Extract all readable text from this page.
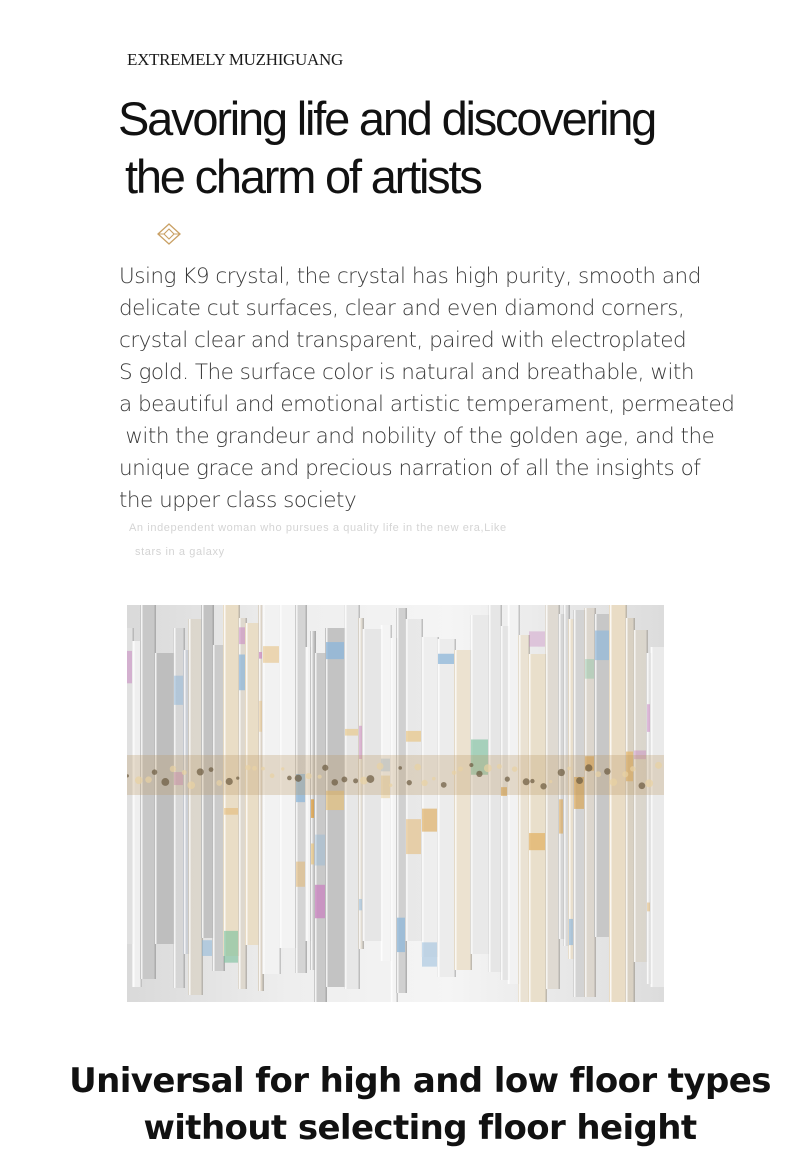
EXTREMELY MUZHIGUANG
Savoring life and discovering
the charm of artists
Using K9 crystal, the crystal has high purity, smooth and
delicate cut surfaces, clear and even diamond corners,
crystal clear and transparent, paired with electroplated
S gold. The surface color is natural and breathable, with
a beautiful and emotional artistic temperament, permeated
with the grandeur and nobility of the golden age, and the
unique grace and precious narration of all the insights of
the upper class society
An independent woman who pursues a quality life in the new era,Like
stars in a galaxy
Universal for high and low floor types
without selecting floor height
